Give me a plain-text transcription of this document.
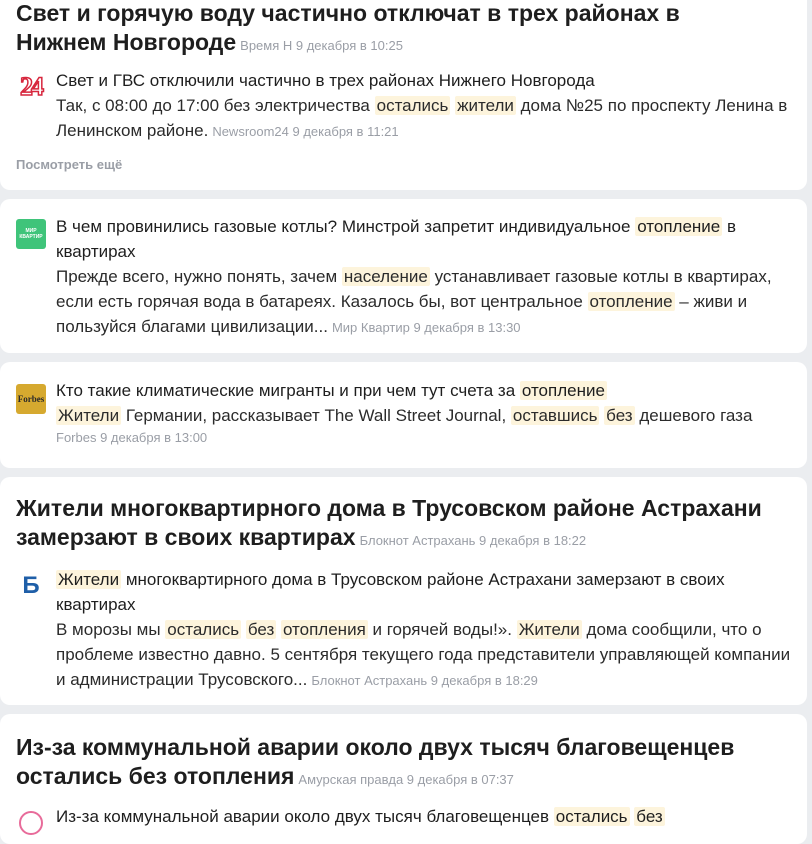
Свет и горячую воду частично отключат в трех районах в Нижнем Новгороде Время Н 9 декабря в 10:25
24 Свет и ГВС отключили частично в трех районах Нижнего Новгорода

Так, с 08:00 до 17:00 без электричества остались жители дома №25 по проспекту Ленина в Ленинском районе. Newsroom24 9 декабря в 11:21

Посмотреть ещё
МИР КВАРТИР

В чем провинились газовые котлы? Минстрой запретит индивидуальное отопление в квартирах

Прежде всего, нужно понять, зачем население устанавливает газовые котлы в квартирах, если есть горячая вода в батареях. Казалось бы, вот центральное отопление – живи и пользуйся благами цивилизации... Мир Квартир 9 декабря в 13:30

Forbes Кто такие климатические мигранты и при чем тут счета за отопление

Жители Германии, рассказывает The Wall Street Journal, оставшись без дешевого газа

Forbes 9 декабря в 13:00
Жители многоквартирного дома в Трусовском районе Астрахани замерзают в своих квартирах Блокнот Астрахань 9 декабря в 18:22
Б Жители многоквартирного дома в Трусовском районе Астрахани замерзают в своих квартирах

В морозы мы остались без отопления и горячей воды!». Жители дома сообщили, что о проблеме известно давно. 5 сентября текущего года представители управляющей компании и администрации Трусовского... Блокнот Астрахань 9 декабря в 18:29

Из-за коммунальной аварии около двух тысяч благовещенцев остались без отопления Амурская правда 9 декабря в 07:37

Из-за коммунальной аварии около двух тысяч благовещенцев остались без
